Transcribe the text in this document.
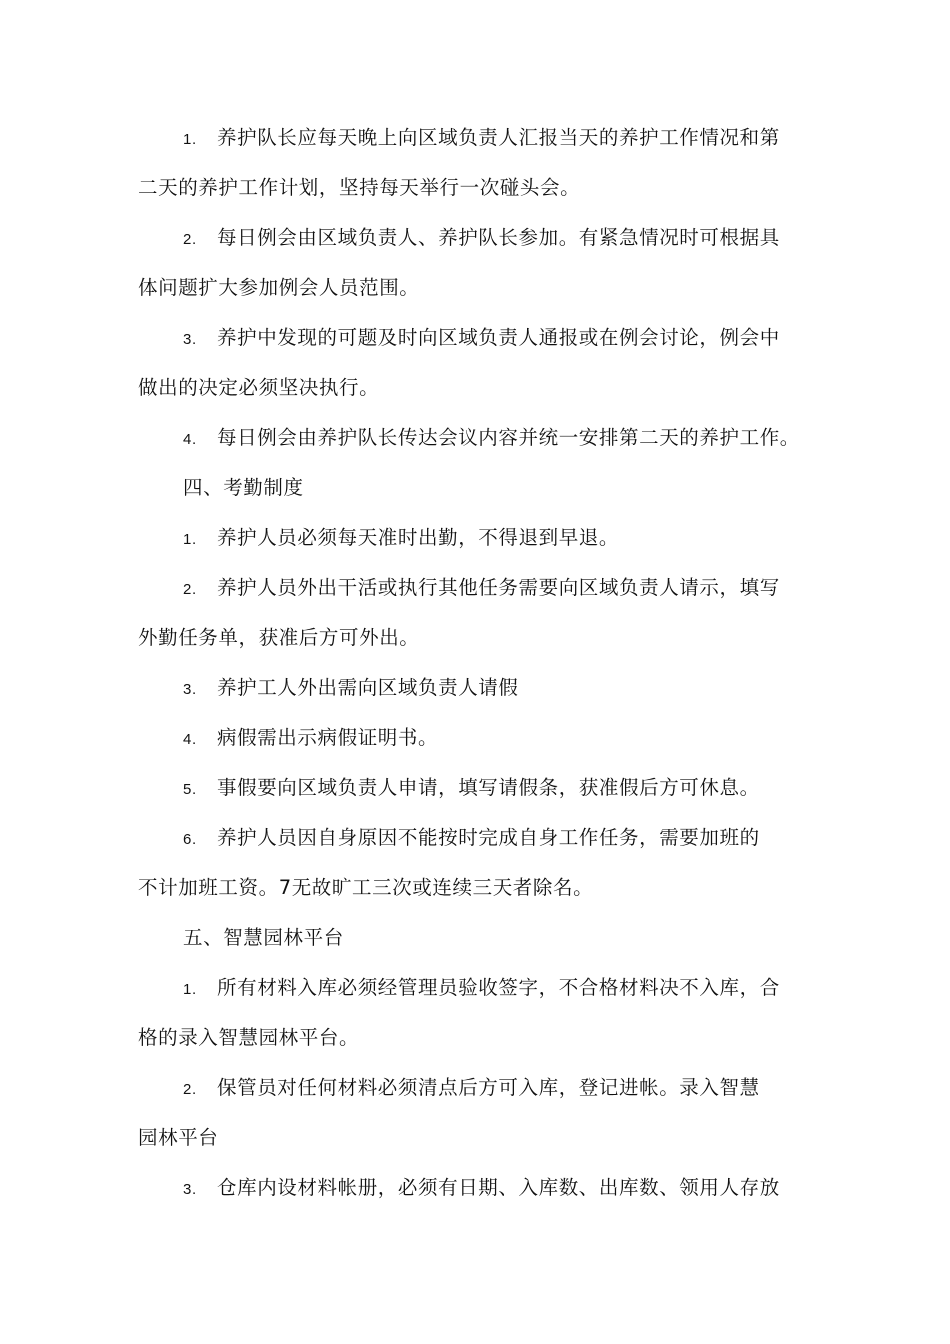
1. 养护队长应每天晚上向区域负责人汇报当天的养护工作情况和第
二天的养护工作计划，坚持每天举行一次碰头会。
2. 每日例会由区域负责人、养护队长参加。有紧急情况时可根据具
体问题扩大参加例会人员范围。
3. 养护中发现的可题及时向区域负责人通报或在例会讨论，例会中
做出的决定必须坚决执行。
4. 每日例会由养护队长传达会议内容并统一安排第二天的养护工作。
四、考勤制度
1. 养护人员必须每天准时出勤，不得退到早退。
2. 养护人员外出干活或执行其他任务需要向区域负责人请示，填写
外勤任务单，获准后方可外出。
3. 养护工人外出需向区域负责人请假
4. 病假需出示病假证明书。
5. 事假要向区域负责人申请，填写请假条，获准假后方可休息。
6. 养护人员因自身原因不能按时完成自身工作任务，需要加班的
不计加班工资。7无故旷工三次或连续三天者除名。
五、智慧园林平台
1. 所有材料入库必须经管理员验收签字，不合格材料决不入库，合
格的录入智慧园林平台。
2. 保管员对任何材料必须清点后方可入库，登记进帐。录入智慧
园林平台
3. 仓库内设材料帐册，必须有日期、入库数、出库数、领用人存放
